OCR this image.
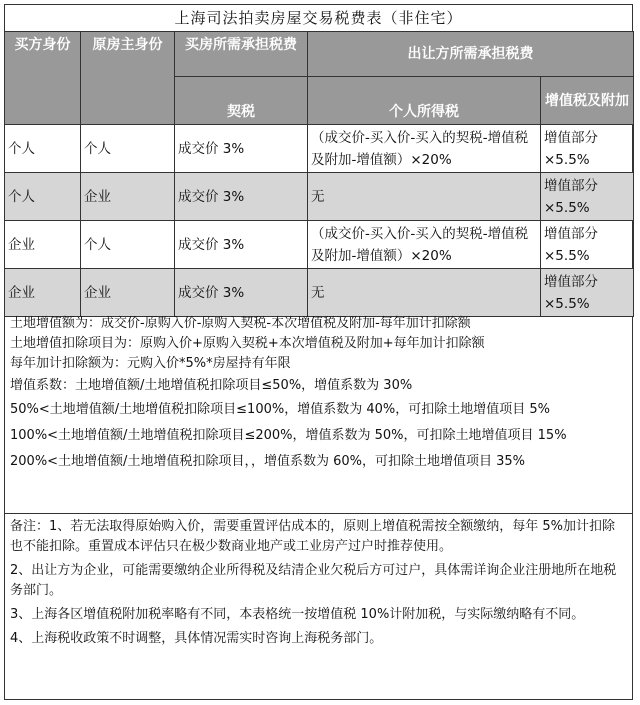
上海司法拍卖房屋交易税费表（非住宅）
买方身份	原房主身份	买房所需承担税费	出让方所需承担税费	
		契税	个人所得税	增值税及附加
个人	个人	成交价 3%	（成交价-买入价-买入的契税-增值税及附加-增值额）×20%	增值部分×5.5%
个人	企业	成交价 3%	无	增值部分×5.5%
企业	个人	成交价 3%	（成交价-买入价-买入的契税-增值税及附加-增值额）×20%	增值部分×5.5%
企业	企业	成交价 3%	无	增值部分×5.5%
土地增值额为：成交价-原购入价-原购入契税-本次增值税及附加-每年加计扣除额
土地增值扣除项目为：原购入价+原购入契税+本次增值税及附加+每年加计扣除额
每年加计扣除额为：元购入价*5%*房屋持有年限
增值系数：土地增值额/土地增值税扣除项目≤50%，增值系数为 30%
50%<土地增值额/土地增值税扣除项目≤100%，增值系数为 40%，可扣除土地增值项目 5%
100%<土地增值额/土地增值税扣除项目≤200%，增值系数为 50%，可扣除土地增值项目 15%
200%<土地增值额/土地增值税扣除项目，，增值系数为 60%，可扣除土地增值项目 35%
备注：1、若无法取得原始购入价，需要重置评估成本的，原则上增值税需按全额缴纳，每年 5%加计扣除也不能扣除。重置成本评估只在极少数商业地产或工业房产过户时推荐使用。
2、出让方为企业，可能需要缴纳企业所得税及结清企业欠税后方可过户，具体需详询企业注册地所在地税务部门。
3、上海各区增值税附加税率略有不同，本表格统一按增值税 10%计附加税，与实际缴纳略有不同。
4、上海税收政策不时调整，具体情况需实时咨询上海税务部门。
